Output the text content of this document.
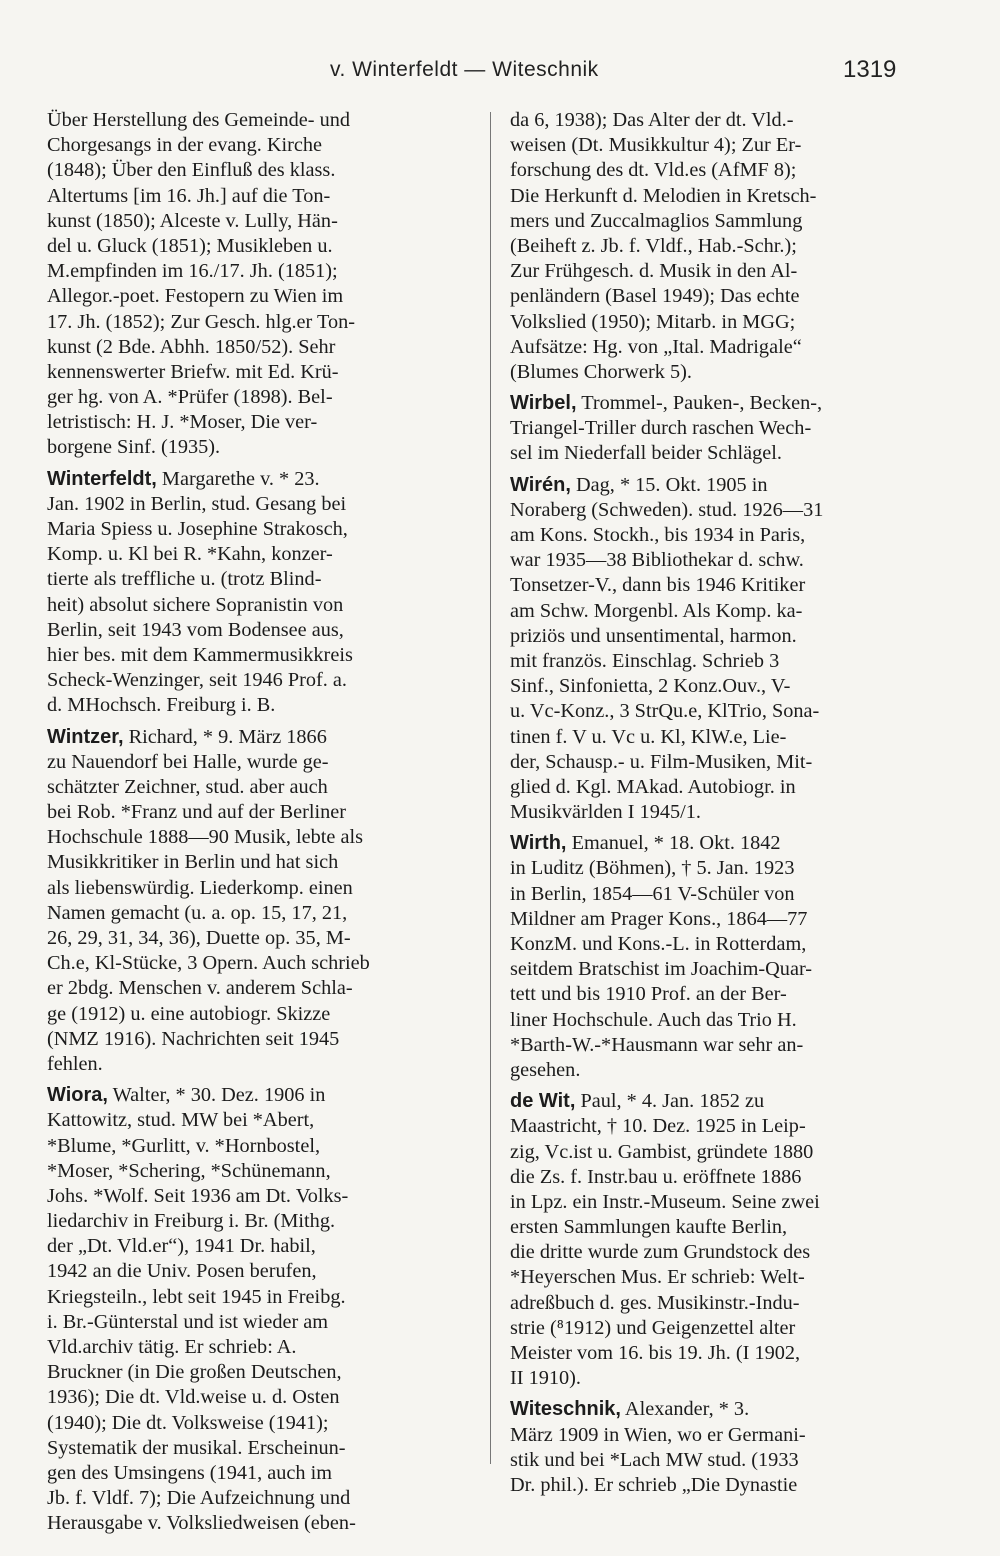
v. Winterfeldt — Witeschnik	1319
Über Herstellung des Gemeinde- und
Chorgesangs in der evang. Kirche
(1848); Über den Einfluß des klass.
Altertums [im 16. Jh.] auf die Ton-
kunst (1850); Alceste v. Lully, Hän-
del u. Gluck (1851); Musikleben u.
M.empfinden im 16./17. Jh. (1851);
Allegor.-poet. Festopern zu Wien im
17. Jh. (1852); Zur Gesch. hlg.er Ton-
kunst (2 Bde. Abhh. 1850/52). Sehr
kennenswerter Briefw. mit Ed. Krü-
ger hg. von A. *Prüfer (1898). Bel-
letristisch: H. J. *Moser, Die ver-
borgene Sinf. (1935).
Winterfeldt, Margarethe v. * 23.
Jan. 1902 in Berlin, stud. Gesang bei
Maria Spiess u. Josephine Strakosch,
Komp. u. Kl bei R. *Kahn, konzer-
tierte als treffliche u. (trotz Blind-
heit) absolut sichere Sopranistin von
Berlin, seit 1943 vom Bodensee aus,
hier bes. mit dem Kammermusikkreis
Scheck-Wenzinger, seit 1946 Prof. a.
d. MHochsch. Freiburg i. B.
Wintzer, Richard, * 9. März 1866
zu Nauendorf bei Halle, wurde ge-
schätzter Zeichner, stud. aber auch
bei Rob. *Franz und auf der Berliner
Hochschule 1888—90 Musik, lebte als
Musikkritiker in Berlin und hat sich
als liebenswürdig. Liederkomp. einen
Namen gemacht (u. a. op. 15, 17, 21,
26, 29, 31, 34, 36), Duette op. 35, M-
Ch.e, Kl-Stücke, 3 Opern. Auch schrieb
er 2bdg. Menschen v. anderem Schla-
ge (1912) u. eine autobiogr. Skizze
(NMZ 1916). Nachrichten seit 1945
fehlen.
Wiora, Walter, * 30. Dez. 1906 in
Kattowitz, stud. MW bei *Abert,
*Blume, *Gurlitt, v. *Hornbostel,
*Moser, *Schering, *Schünemann,
Johs. *Wolf. Seit 1936 am Dt. Volks-
liedarchiv in Freiburg i. Br. (Mithg.
der „Dt. Vld.er“), 1941 Dr. habil,
1942 an die Univ. Posen berufen,
Kriegsteiln., lebt seit 1945 in Freibg.
i. Br.-Günterstal und ist wieder am
Vld.archiv tätig. Er schrieb: A.
Bruckner (in Die großen Deutschen,
1936); Die dt. Vld.weise u. d. Osten
(1940); Die dt. Volksweise (1941);
Systematik der musikal. Erscheinun-
gen des Umsingens (1941, auch im
Jb. f. Vldf. 7); Die Aufzeichnung und
Herausgabe v. Volksliedweisen (eben-
da 6, 1938); Das Alter der dt. Vld.-
weisen (Dt. Musikkultur 4); Zur Er-
forschung des dt. Vld.es (AfMF 8);
Die Herkunft d. Melodien in Kretsch-
mers und Zuccalmaglios Sammlung
(Beiheft z. Jb. f. Vldf., Hab.-Schr.);
Zur Frühgesch. d. Musik in den Al-
penländern (Basel 1949); Das echte
Volkslied (1950); Mitarb. in MGG;
Aufsätze: Hg. von „Ital. Madrigale“
(Blumes Chorwerk 5).
Wirbel, Trommel-, Pauken-, Becken-,
Triangel-Triller durch raschen Wech-
sel im Niederfall beider Schlägel.
Wirén, Dag, * 15. Okt. 1905 in
Noraberg (Schweden). stud. 1926—31
am Kons. Stockh., bis 1934 in Paris,
war 1935—38 Bibliothekar d. schw.
Tonsetzer-V., dann bis 1946 Kritiker
am Schw. Morgenbl. Als Komp. ka-
priziös und unsentimental, harmon.
mit französ. Einschlag. Schrieb 3
Sinf., Sinfonietta, 2 Konz.Ouv., V-
u. Vc-Konz., 3 StrQu.e, KlTrio, Sona-
tinen f. V u. Vc u. Kl, KlW.e, Lie-
der, Schausp.- u. Film-Musiken, Mit-
glied d. Kgl. MAkad. Autobiogr. in
Musikvärlden I 1945/1.
Wirth, Emanuel, * 18. Okt. 1842
in Luditz (Böhmen), † 5. Jan. 1923
in Berlin, 1854—61 V-Schüler von
Mildner am Prager Kons., 1864—77
KonzM. und Kons.-L. in Rotterdam,
seitdem Bratschist im Joachim-Quar-
tett und bis 1910 Prof. an der Ber-
liner Hochschule. Auch das Trio H.
*Barth-W.-*Hausmann war sehr an-
gesehen.
de Wit, Paul, * 4. Jan. 1852 zu
Maastricht, † 10. Dez. 1925 in Leip-
zig, Vc.ist u. Gambist, gründete 1880
die Zs. f. Instr.bau u. eröffnete 1886
in Lpz. ein Instr.-Museum. Seine zwei
ersten Sammlungen kaufte Berlin,
die dritte wurde zum Grundstock des
*Heyerschen Mus. Er schrieb: Welt-
adreßbuch d. ges. Musikinstr.-Indu-
strie (⁸1912) und Geigenzettel alter
Meister vom 16. bis 19. Jh. (I 1902,
II 1910).
Witeschnik, Alexander, * 3.
März 1909 in Wien, wo er Germani-
stik und bei *Lach MW stud. (1933
Dr. phil.). Er schrieb „Die Dynastie
